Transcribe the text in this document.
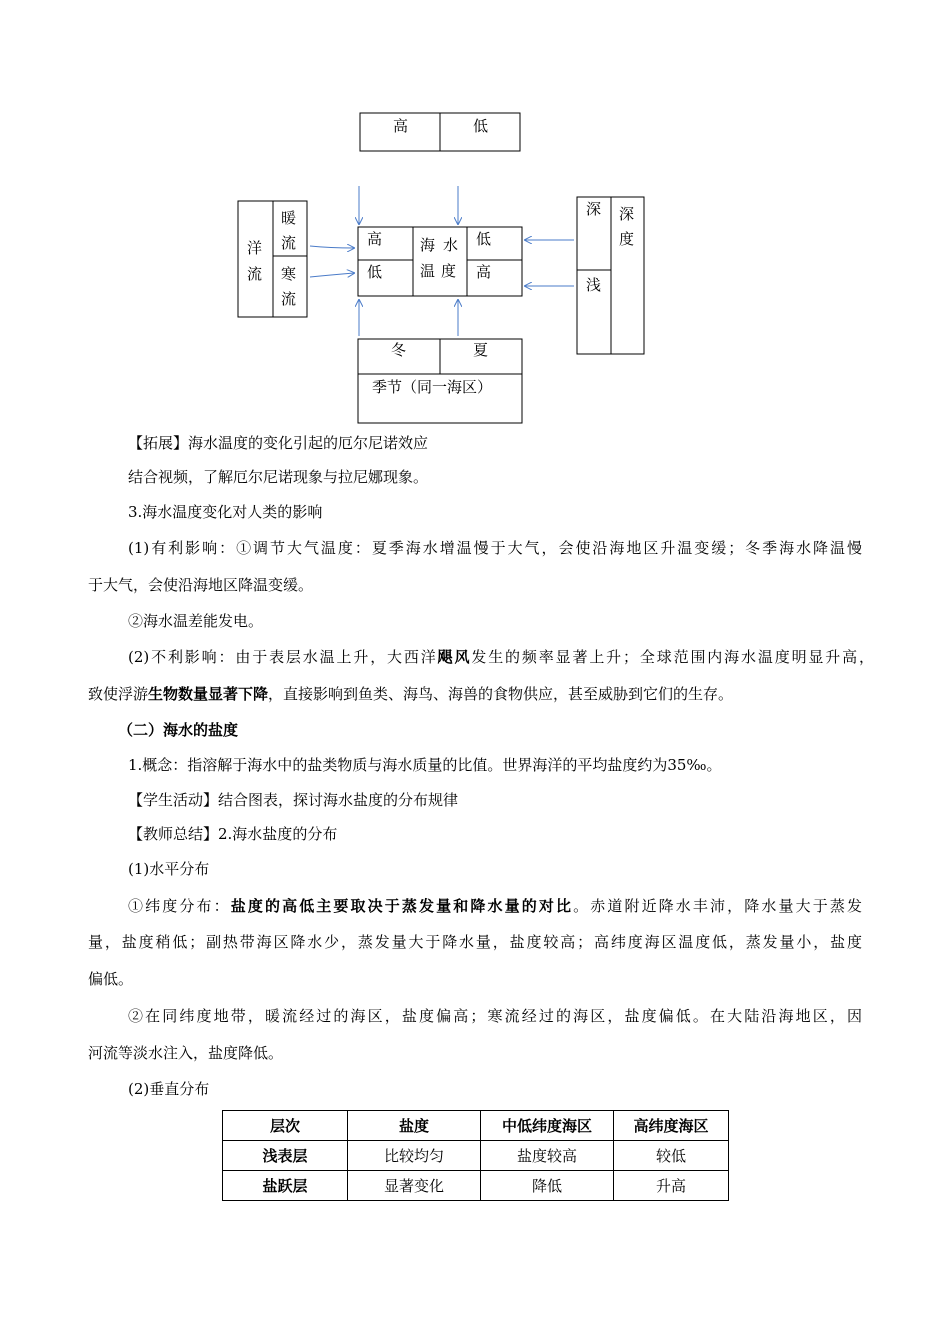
高	低
高
低
海水温度
低
高
洋流
暖流
寒流
深
浅
深度
冬	夏
季节（同一海区）
【拓展】海水温度的变化引起的厄尔尼诺效应
结合视频，了解厄尔尼诺现象与拉尼娜现象。
3.海水温度变化对人类的影响
(1)有利影响：①调节大气温度：夏季海水增温慢于大气，会使沿海地区升温变缓；冬季海水降温慢
于大气，会使沿海地区降温变缓。
②海水温差能发电。
(2)不利影响：由于表层水温上升，大西洋飓风发生的频率显著上升；全球范围内海水温度明显升高，
致使浮游生物数量显著下降，直接影响到鱼类、海鸟、海兽的食物供应，甚至威胁到它们的生存。
（二）海水的盐度
1.概念：指溶解于海水中的盐类物质与海水质量的比值。世界海洋的平均盐度约为35‰。
【学生活动】结合图表，探讨海水盐度的分布规律
【教师总结】2.海水盐度的分布
(1)水平分布
①纬度分布：盐度的高低主要取决于蒸发量和降水量的对比。赤道附近降水丰沛，降水量大于蒸发
量，盐度稍低；副热带海区降水少，蒸发量大于降水量，盐度较高；高纬度海区温度低，蒸发量小，盐度
偏低。
②在同纬度地带，暖流经过的海区，盐度偏高；寒流经过的海区，盐度偏低。在大陆沿海地区，因
河流等淡水注入，盐度降低。
(2)垂直分布
层次	盐度	中低纬度海区	高纬度海区
浅表层	比较均匀	盐度较高	较低
盐跃层	显著变化	降低	升高
